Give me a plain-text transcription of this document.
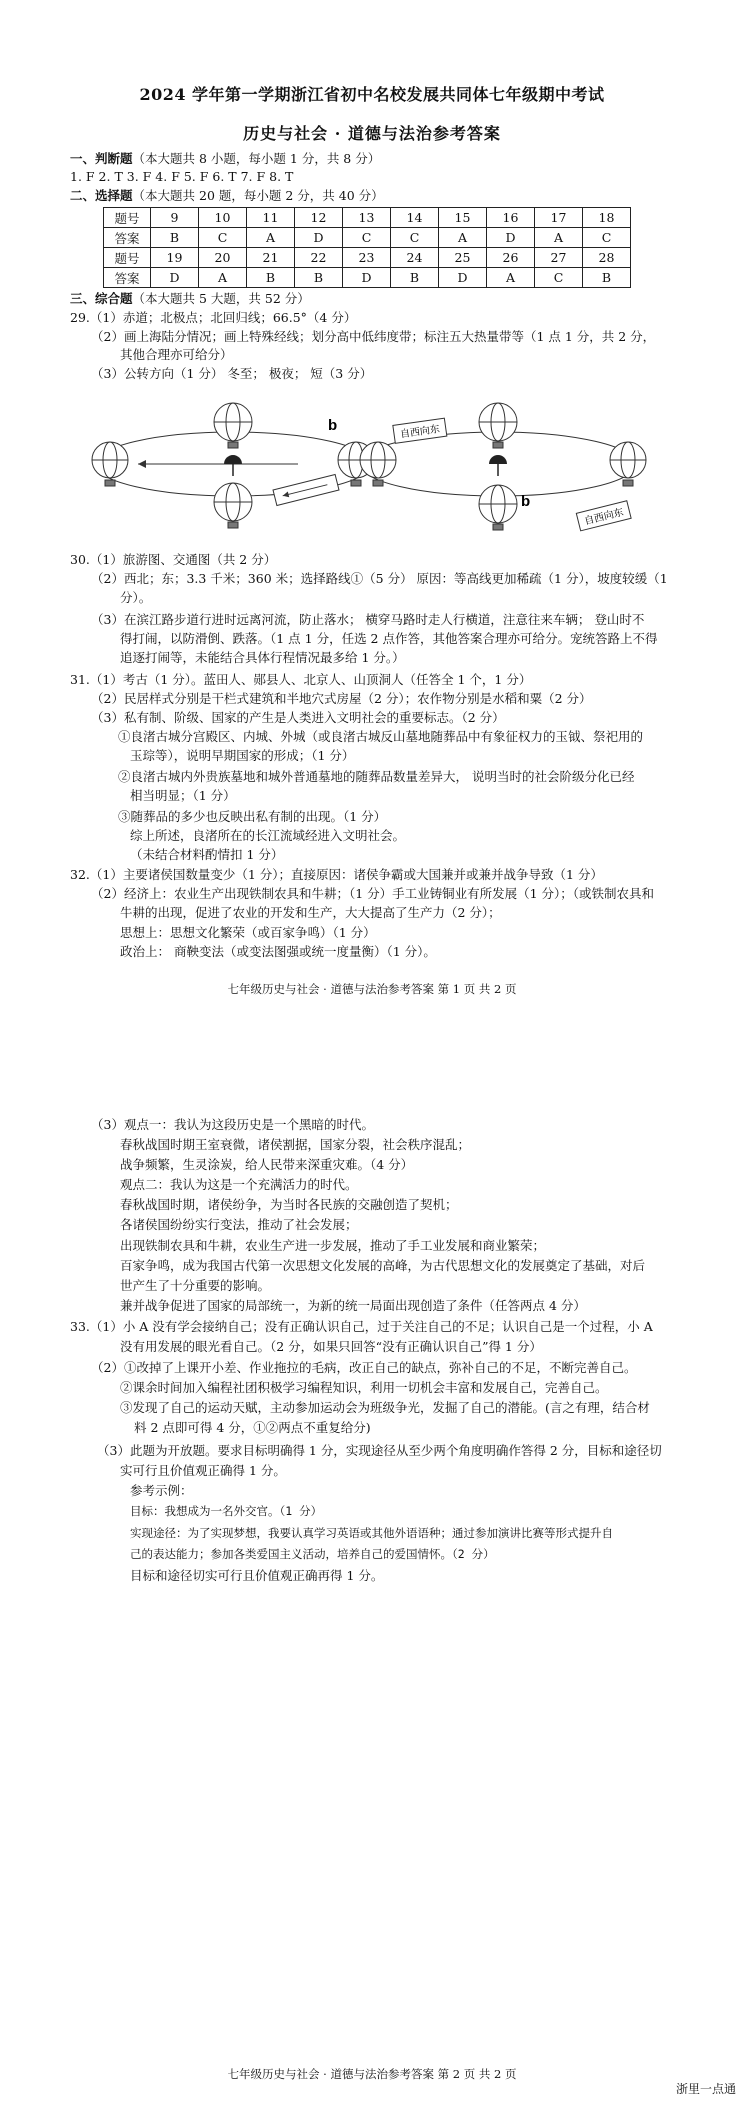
2024 学年第一学期浙江省初中名校发展共同体七年级期中考试
历史与社会 · 道德与法治参考答案
一、判断题（本大题共 8 小题，每小题 1 分，共 8 分）
1. F 2. T 3. F 4. F 5. F 6. T 7. F 8. T
二、选择题（本大题共 20 题，每小题 2 分，共 40 分）
题号	9	10	11	12	13	14	15	16	17	18
答案	B	C	A	D	C	C	A	D	A	C
题号	19	20	21	22	23	24	25	26	27	28
答案	D	A	B	B	D	B	D	A	C	B
三、综合题（本大题共 5 大题，共 52 分）
29.（1）赤道；北极点；北回归线；66.5°（4 分）
（2）画上海陆分情况；画上特殊经线；划分高中低纬度带；标注五大热量带等（1 点 1 分，共 2 分，
其他合理亦可给分）
（3）公转方向（1 分） 冬至； 极夜； 短（3 分）
b
b
自西向东
自西向东
30.（1）旅游图、交通图（共 2 分）
（2）西北；东；3.3 千米；360 米；选择路线①（5 分） 原因：等高线更加稀疏（1 分），坡度较缓（1
分）。
（3）在滨江路步道行进时远离河流，防止落水； 横穿马路时走人行横道，注意往来车辆； 登山时不
得打闹，以防滑倒、跌落。（1 点 1 分，任选 2 点作答，其他答案合理亦可给分。宠统答路上不得
追逐打闹等，未能结合具体行程情况最多给 1 分。）
31.（1）考古（1 分）。蓝田人、郧县人、北京人、山顶洞人（任答全 1 个，1 分）
（2）民居样式分别是干栏式建筑和半地穴式房屋（2 分）；农作物分别是水稻和粟（2 分）
（3）私有制、阶级、国家的产生是人类进入文明社会的重要标志。（2 分）
①良渚古城分宫殿区、内城、外城（或良渚古城反山墓地随葬品中有象征权力的玉钺、祭祀用的
玉琮等），说明早期国家的形成；（1 分）
②良渚古城内外贵族墓地和城外普通墓地的随葬品数量差异大， 说明当时的社会阶级分化已经
相当明显；（1 分）
③随葬品的多少也反映出私有制的出现。（1 分）
综上所述，良渚所在的长江流域经进入文明社会。
（未结合材料酌情扣 1 分）
32.（1）主要诸侯国数量变少（1 分）；直接原因：诸侯争霸或大国兼并或兼并战争导致（1 分）
（2）经济上：农业生产出现铁制农具和牛耕；（1 分）手工业铸铜业有所发展（1 分）；（或铁制农具和
牛耕的出现，促进了农业的开发和生产，大大提高了生产力（2 分）；
思想上：思想文化繁荣（或百家争鸣）（1 分）
政治上： 商鞅变法（或变法图强或统一度量衡）（1 分）。
七年级历史与社会 · 道德与法治参考答案 第 1 页 共 2 页
（3）观点一：我认为这段历史是一个黑暗的时代。
春秋战国时期王室衰微，诸侯割据，国家分裂，社会秩序混乱；
战争频繁，生灵涂炭，给人民带来深重灾难。（4 分）
观点二：我认为这是一个充满活力的时代。
春秋战国时期，诸侯纷争，为当时各民族的交融创造了契机；
各诸侯国纷纷实行变法，推动了社会发展；
出现铁制农具和牛耕，农业生产进一步发展，推动了手工业发展和商业繁荣；
百家争鸣，成为我国古代第一次思想文化发展的高峰，为古代思想文化的发展奠定了基础，对后
世产生了十分重要的影响。
兼并战争促进了国家的局部统一，为新的统一局面出现创造了条件（任答两点 4 分）
33.（1）小 A 没有学会接纳自己；没有正确认识自己，过于关注自己的不足；认识自己是一个过程，小 A
没有用发展的眼光看自己。（2 分，如果只回答“没有正确认识自己”得 1 分）
（2）①改掉了上课开小差、作业拖拉的毛病，改正自己的缺点，弥补自己的不足，不断完善自己。
②课余时间加入编程社团积极学习编程知识，利用一切机会丰富和发展自己，完善自己。
③发现了自己的运动天赋，主动参加运动会为班级争光，发掘了自己的潜能。(言之有理，结合材
料 2 点即可得 4 分，①②两点不重复给分)
（3）此题为开放题。要求目标明确得 1 分，实现途径从至少两个角度明确作答得 2 分，目标和途径切
实可行且价值观正确得 1 分。
参考示例：
目标：我想成为一名外交官。（1 分）
实现途径：为了实现梦想，我要认真学习英语或其他外语语种；通过参加演讲比赛等形式提升自
己的表达能力；参加各类爱国主义活动，培养自己的爱国情怀。（2 分）
目标和途径切实可行且价值观正确再得 1 分。
七年级历史与社会 · 道德与法治参考答案 第 2 页 共 2 页
浙里一点通
